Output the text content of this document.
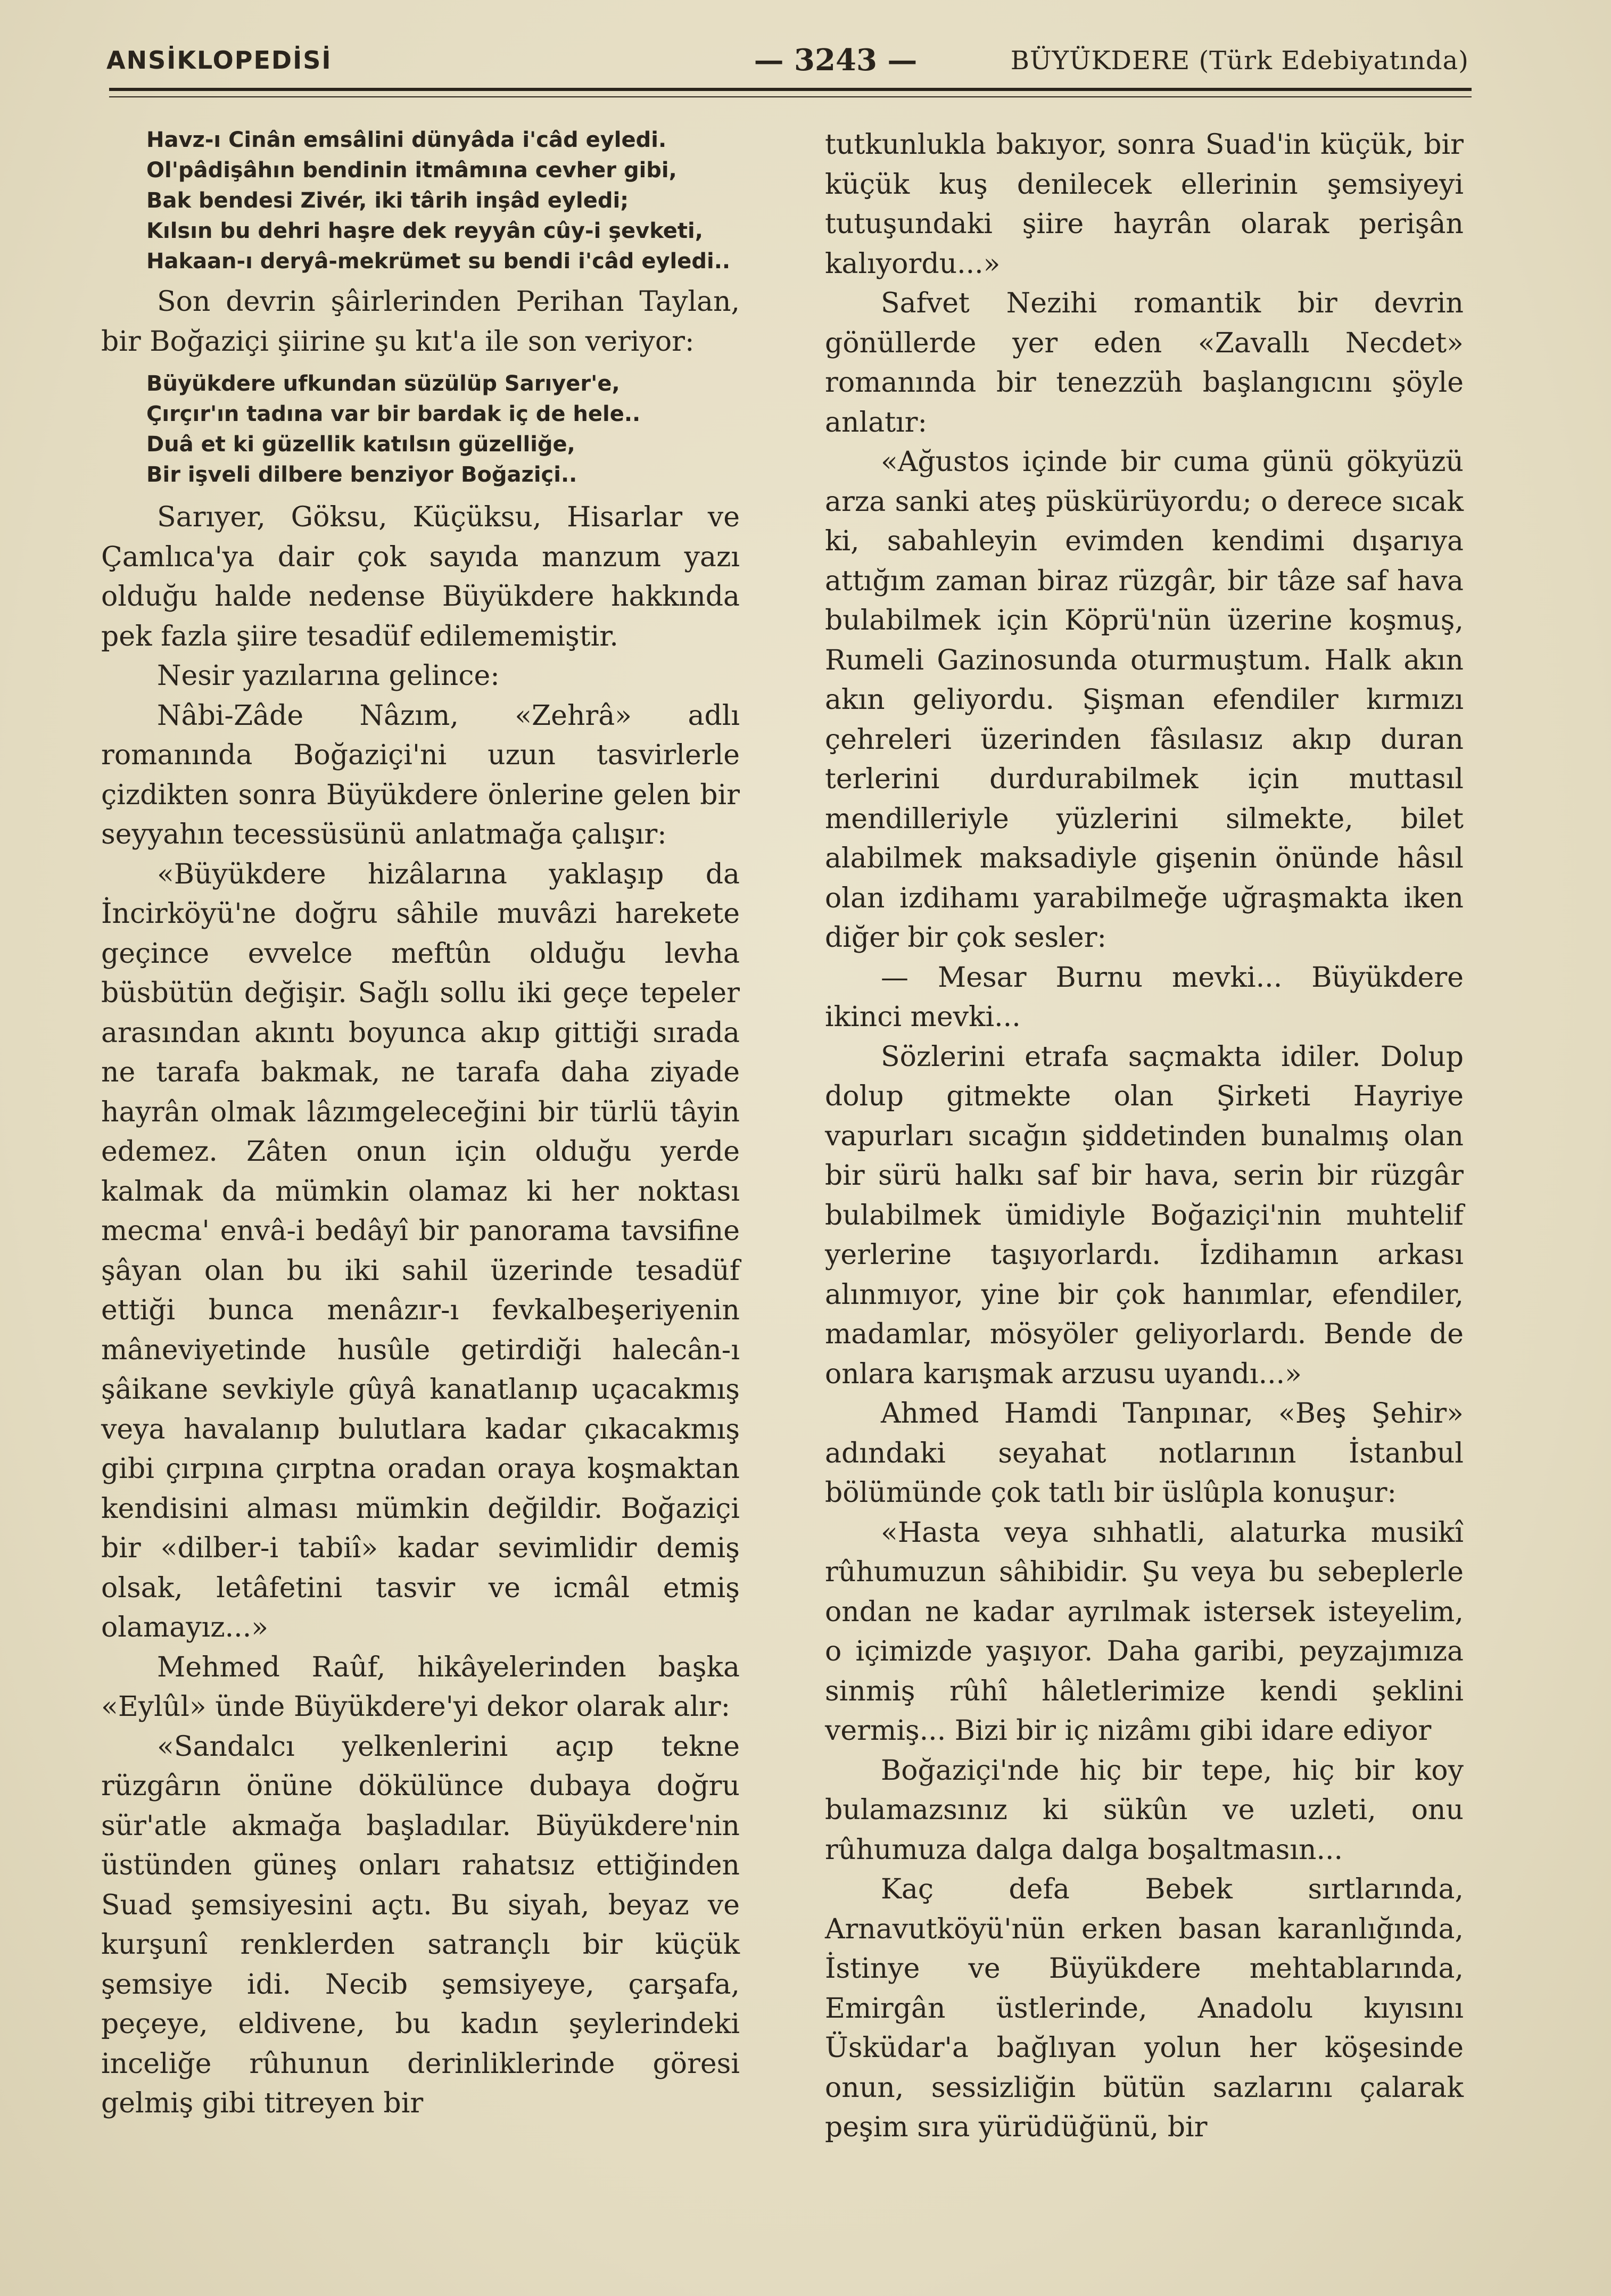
ANSİKLOPEDİSİ	— 3243 —	BÜYÜKDERE (Türk Edebiyatında)
Havz-ı Cinân emsâlini dünyâda i'câd eyledi.
Ol'pâdişâhın bendinin itmâmına cevher gibi,
Bak bendesi Zivér, iki târih inşâd eyledi;
Kılsın bu dehri haşre dek reyyân cûy-i şevketi,
Hakaan-ı deryâ-mekrümet su bendi i'câd eyledi..

Son devrin şâirlerinden Perihan Taylan, bir Boğaziçi şiirine şu kıt'a ile son veriyor:

Büyükdere ufkundan süzülüp Sarıyer'e,
Çırçır'ın tadına var bir bardak iç de hele..
Duâ et ki güzellik katılsın güzelliğe,
Bir işveli dilbere benziyor Boğaziçi..

Sarıyer, Göksu, Küçüksu, Hisarlar ve Çamlıca'ya dair çok sayıda manzum yazı olduğu halde nedense Büyükdere hakkında pek fazla şiire tesadüf edilememiştir.

Nesir yazılarına gelince:

Nâbi-Zâde Nâzım, «Zehrâ» adlı romanında Boğaziçi'ni uzun tasvirlerle çizdikten sonra Büyükdere önlerine gelen bir seyyahın tecessüsünü anlatmağa çalışır:

«Büyükdere hizâlarına yaklaşıp da İncirköyü'ne doğru sâhile muvâzi harekete geçince evvelce meftûn olduğu levha büsbütün değişir. Sağlı sollu iki geçe tepeler arasından akıntı boyunca akıp gittiği sırada ne tarafa bakmak, ne tarafa daha ziyade hayrân olmak lâzımgeleceğini bir türlü tâyin edemez. Zâten onun için olduğu yerde kalmak da mümkin olamaz ki her noktası mecma' envâ-i bedâyî bir panorama tavsifine şâyan olan bu iki sahil üzerinde tesadüf ettiği bunca menâzır-ı fevkalbeşeriyenin mâneviyetinde husûle getirdiği halecân-ı şâikane sevkiyle gûyâ kanatlanıp uçacakmış veya havalanıp bulutlara kadar çıkacakmış gibi çırpına çırptna oradan oraya koşmaktan kendisini alması mümkin değildir. Boğaziçi bir «dilber-i tabiî» kadar sevimlidir demiş olsak, letâfetini tasvir ve icmâl etmiş olamayız...»

Mehmed Raûf, hikâyelerinden başka «Eylûl» ünde Büyükdere'yi dekor olarak alır:

«Sandalcı yelkenlerini açıp tekne rüzgârın önüne dökülünce dubaya doğru sür'atle akmağa başladılar. Büyükdere'nin üstünden güneş onları rahatsız ettiğinden Suad şemsiyesini açtı. Bu siyah, beyaz ve kurşunî renklerden satrançlı bir küçük şemsiye idi. Necib şemsiyeye, çarşafa, peçeye, eldivene, bu kadın şeylerindeki inceliğe rûhunun derinliklerinde göresi gelmiş gibi titreyen bir

tutkunlukla bakıyor, sonra Suad'in küçük, bir küçük kuş denilecek ellerinin şemsiyeyi tutuşundaki şiire hayrân olarak perişân kalıyordu...»

Safvet Nezihi romantik bir devrin gönüllerde yer eden «Zavallı Necdet» romanında bir tenezzüh başlangıcını şöyle anlatır:

«Ağustos içinde bir cuma günü gökyüzü arza sanki ateş püskürüyordu; o derece sıcak ki, sabahleyin evimden kendimi dışarıya attığım zaman biraz rüzgâr, bir tâze saf hava bulabilmek için Köprü'nün üzerine koşmuş, Rumeli Gazinosunda oturmuştum. Halk akın akın geliyordu. Şişman efendiler kırmızı çehreleri üzerinden fâsılasız akıp duran terlerini durdurabilmek için muttasıl mendilleriyle yüzlerini silmekte, bilet alabilmek maksadiyle gişenin önünde hâsıl olan izdihamı yarabilmeğe uğraşmakta iken diğer bir çok sesler:

— Mesar Burnu mevki... Büyükdere ikinci mevki...

Sözlerini etrafa saçmakta idiler. Dolup dolup gitmekte olan Şirketi Hayriye vapurları sıcağın şiddetinden bunalmış olan bir sürü halkı saf bir hava, serin bir rüzgâr bulabilmek ümidiyle Boğaziçi'nin muhtelif yerlerine taşıyorlardı. İzdihamın arkası alınmıyor, yine bir çok hanımlar, efendiler, madamlar, mösyöler geliyorlardı. Bende de onlara karışmak arzusu uyandı...»

Ahmed Hamdi Tanpınar, «Beş Şehir» adındaki seyahat notlarının İstanbul bölümünde çok tatlı bir üslûpla konuşur:

«Hasta veya sıhhatli, alaturka musikî rûhumuzun sâhibidir. Şu veya bu sebeplerle ondan ne kadar ayrılmak istersek isteyelim, o içimizde yaşıyor. Daha garibi, peyzajımıza sinmiş rûhî hâletlerimize kendi şeklini vermiş... Bizi bir iç nizâmı gibi idare ediyor

Boğaziçi'nde hiç bir tepe, hiç bir koy bulamazsınız ki sükûn ve uzleti, onu rûhumuza dalga dalga boşaltmasın...

Kaç defa Bebek sırtlarında, Arnavutköyü'nün erken basan karanlığında, İstinye ve Büyükdere mehtablarında, Emirgân üstlerinde, Anadolu kıyısını Üsküdar'a bağlıyan yolun her köşesinde onun, sessizliğin bütün sazlarını çalarak peşim sıra yürüdüğünü, bir
